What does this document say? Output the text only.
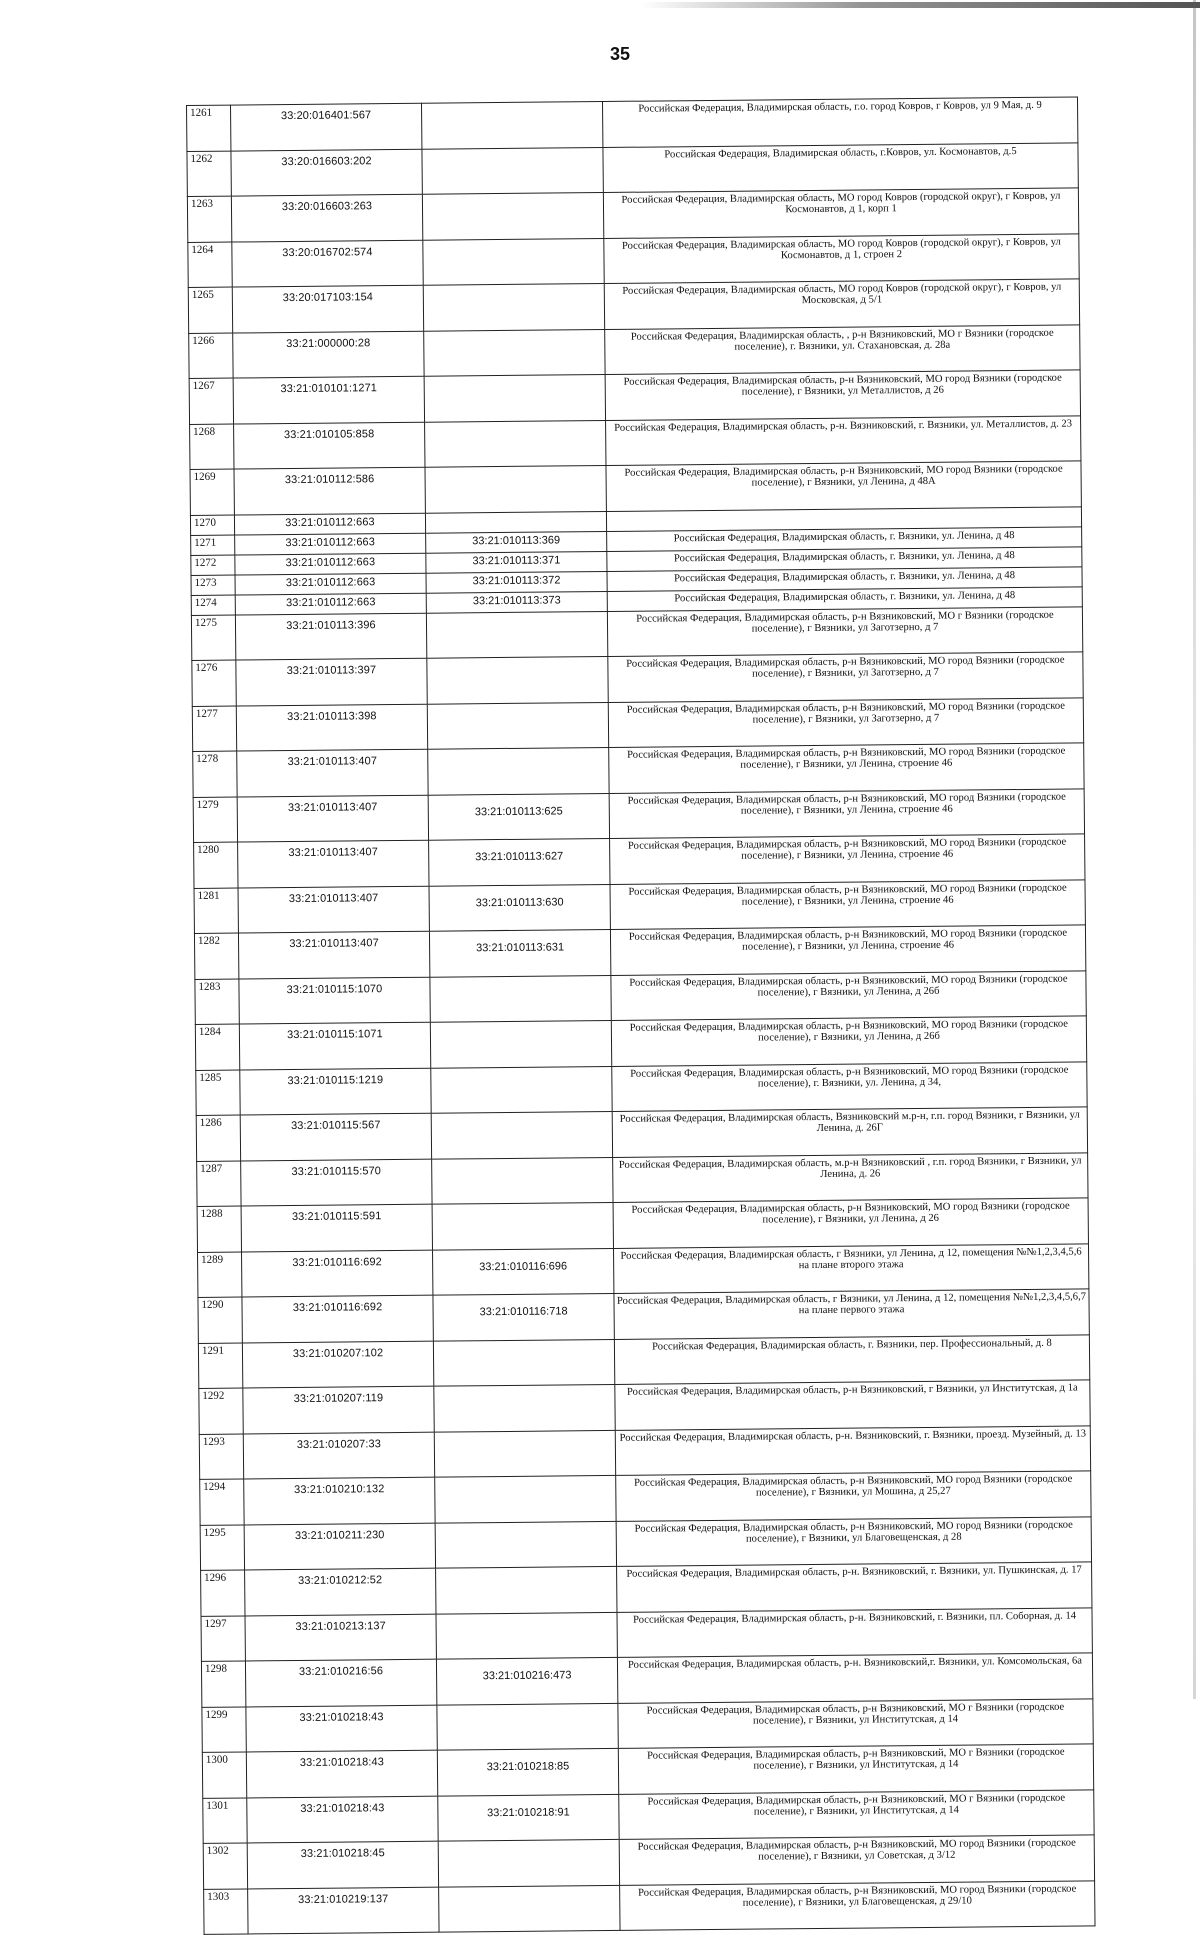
35
1261	33:20:016401:567		Российская Федерация, Владимирская область, г.о. город Ковров, г Ковров, ул 9 Мая, д. 9
1262	33:20:016603:202		Российская Федерация, Владимирская область, г.Ковров, ул. Космонавтов, д.5
1263	33:20:016603:263		Российская Федерация, Владимирская область, МО город Ковров (городской округ), г Ковров, ул Космонавтов, д 1, корп 1
1264	33:20:016702:574		Российская Федерация, Владимирская область, МО город Ковров (городской округ), г Ковров, ул Космонавтов, д 1, строен 2
1265	33:20:017103:154		Российская Федерация, Владимирская область, МО город Ковров (городской округ), г Ковров, ул Московская, д 5/1
1266	33:21:000000:28		Российская Федерация, Владимирская область, , р-н Вязниковский, МО г Вязники (городское поселение), г. Вязники, ул. Стахановская, д. 28а
1267	33:21:010101:1271		Российская Федерация, Владимирская область, р-н Вязниковский, МО город Вязники (городское поселение), г Вязники, ул Металлистов, д 26
1268	33:21:010105:858		Российская Федерация, Владимирская область, р-н. Вязниковский, г. Вязники, ул. Металлистов, д. 23
1269	33:21:010112:586		Российская Федерация, Владимирская область, р-н Вязниковский, МО город Вязники (городское поселение), г Вязники, ул Ленина, д 48А
1270	33:21:010112:663		
1271	33:21:010112:663	33:21:010113:369	Российская Федерация, Владимирская область, г. Вязники, ул. Ленина, д 48
1272	33:21:010112:663	33:21:010113:371	Российская Федерация, Владимирская область, г. Вязники, ул. Ленина, д 48
1273	33:21:010112:663	33:21:010113:372	Российская Федерация, Владимирская область, г. Вязники, ул. Ленина, д 48
1274	33:21:010112:663	33:21:010113:373	Российская Федерация, Владимирская область, г. Вязники, ул. Ленина, д 48
1275	33:21:010113:396		Российская Федерация, Владимирская область, р-н Вязниковский, МО г Вязники (городское поселение), г Вязники, ул Заготзерно, д 7
1276	33:21:010113:397		Российская Федерация, Владимирская область, р-н Вязниковский, МО город Вязники (городское поселение), г Вязники, ул Заготзерно, д 7
1277	33:21:010113:398		Российская Федерация, Владимирская область, р-н Вязниковский, МО город Вязники (городское поселение), г Вязники, ул Заготзерно, д 7
1278	33:21:010113:407		Российская Федерация, Владимирская область, р-н Вязниковский, МО город Вязники (городское поселение), г Вязники, ул Ленина, строение 46
1279	33:21:010113:407	33:21:010113:625	Российская Федерация, Владимирская область, р-н Вязниковский, МО город Вязники (городское поселение), г Вязники, ул Ленина, строение 46
1280	33:21:010113:407	33:21:010113:627	Российская Федерация, Владимирская область, р-н Вязниковский, МО город Вязники (городское поселение), г Вязники, ул Ленина, строение 46
1281	33:21:010113:407	33:21:010113:630	Российская Федерация, Владимирская область, р-н Вязниковский, МО город Вязники (городское поселение), г Вязники, ул Ленина, строение 46
1282	33:21:010113:407	33:21:010113:631	Российская Федерация, Владимирская область, р-н Вязниковский, МО город Вязники (городское поселение), г Вязники, ул Ленина, строение 46
1283	33:21:010115:1070		Российская Федерация, Владимирская область, р-н Вязниковский, МО город Вязники (городское поселение), г Вязники, ул Ленина, д 26б
1284	33:21:010115:1071		Российская Федерация, Владимирская область, р-н Вязниковский, МО город Вязники (городское поселение), г Вязники, ул Ленина, д 26б
1285	33:21:010115:1219		Российская Федерация, Владимирская область, р-н Вязниковский, МО город Вязники (городское поселение), г. Вязники, ул. Ленина, д 34,
1286	33:21:010115:567		Российская Федерация, Владимирская область, Вязниковский м.р-н, г.п. город Вязники, г Вязники, ул Ленина, д. 26Г
1287	33:21:010115:570		Российская Федерация, Владимирская область, м.р-н Вязниковский , г.п. город Вязники, г Вязники, ул Ленина, д. 26
1288	33:21:010115:591		Российская Федерация, Владимирская область, р-н Вязниковский, МО город Вязники (городское поселение), г Вязники, ул Ленина, д 26
1289	33:21:010116:692	33:21:010116:696	Российская Федерация, Владимирская область, г Вязники, ул Ленина, д 12, помещения №№1,2,3,4,5,6 на плане второго этажа
1290	33:21:010116:692	33:21:010116:718	Российская Федерация, Владимирская область, г Вязники, ул Ленина, д 12, помещения №№1,2,3,4,5,6,7 на плане первого этажа
1291	33:21:010207:102		Российская Федерация, Владимирская область, г. Вязники, пер. Профессиональный, д. 8
1292	33:21:010207:119		Российская Федерация, Владимирская область, р-н Вязниковский, г Вязники, ул Институтская, д 1а
1293	33:21:010207:33		Российская Федерация, Владимирская область, р-н. Вязниковский, г. Вязники, проезд. Музейный, д. 13
1294	33:21:010210:132		Российская Федерация, Владимирская область, р-н Вязниковский, МО город Вязники (городское поселение), г Вязники, ул Мошина, д 25,27
1295	33:21:010211:230		Российская Федерация, Владимирская область, р-н Вязниковский, МО город Вязники (городское поселение), г Вязники, ул Благовещенская, д 28
1296	33:21:010212:52		Российская Федерация, Владимирская область, р-н. Вязниковский, г. Вязники, ул. Пушкинская, д. 17
1297	33:21:010213:137		Российская Федерация, Владимирская область, р-н. Вязниковский, г. Вязники, пл. Соборная, д. 14
1298	33:21:010216:56	33:21:010216:473	Российская Федерация, Владимирская область, р-н. Вязниковский,г. Вязники, ул. Комсомольская, 6а
1299	33:21:010218:43		Российская Федерация, Владимирская область, р-н Вязниковский, МО г Вязники (городское поселение), г Вязники, ул Институтская, д 14
1300	33:21:010218:43	33:21:010218:85	Российская Федерация, Владимирская область, р-н Вязниковский, МО г Вязники (городское поселение), г Вязники, ул Институтская, д 14
1301	33:21:010218:43	33:21:010218:91	Российская Федерация, Владимирская область, р-н Вязниковский, МО г Вязники (городское поселение), г Вязники, ул Институтская, д 14
1302	33:21:010218:45		Российская Федерация, Владимирская область, р-н Вязниковский, МО город Вязники (городское поселение), г Вязники, ул Советская, д 3/12
1303	33:21:010219:137		Российская Федерация, Владимирская область, р-н Вязниковский, МО город Вязники (городское поселение), г Вязники, ул Благовещенская, д 29/10
